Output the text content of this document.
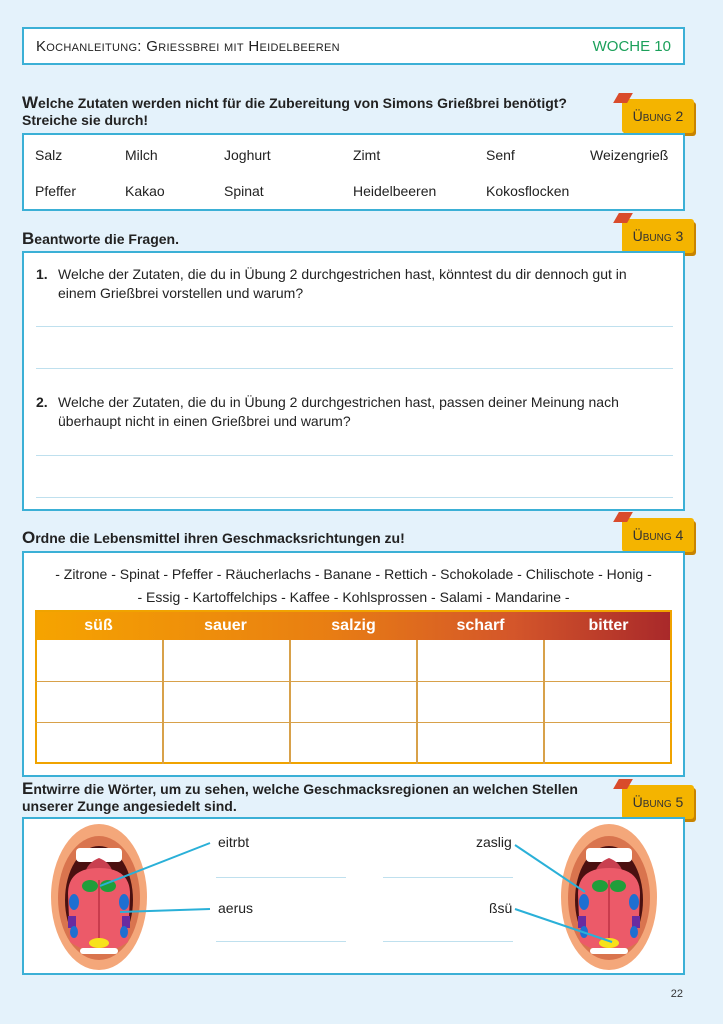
Kochanleitung: Griessbrei mit Heidelbeeren	WOCHE 10
Welche Zutaten werden nicht für die Zubereitung von Simons Grießbrei benötigt?
Streiche sie durch!	Übung 2
Salz	Milch	Joghurt	Zimt	Senf	Weizengrieß
Pfeffer	Kakao	Spinat	Heidelbeeren	Kokosflocken
Beantworte die Fragen.	Übung 3
1. Welche der Zutaten, die du in Übung 2 durchgestrichen hast, könntest du dir dennoch gut in
einem Grießbrei vorstellen und warum?
2. Welche der Zutaten, die du in Übung 2 durchgestrichen hast, passen deiner Meinung nach
überhaupt nicht in einen Grießbrei und warum?
Ordne die Lebensmittel ihren Geschmacksrichtungen zu!	Übung 4
- Zitrone - Spinat - Pfeffer - Räucherlachs - Banane - Rettich - Schokolade - Chilischote - Honig -
- Essig - Kartoffelchips - Kaffee - Kohlsprossen - Salami - Mandarine -
süß	sauer	salzig	scharf	bitter
Entwirre die Wörter, um zu sehen, welche Geschmacksregionen an welchen Stellen
unserer Zunge angesiedelt sind.	Übung 5
eitrbt
aerus
zaslig
ßsü
22
